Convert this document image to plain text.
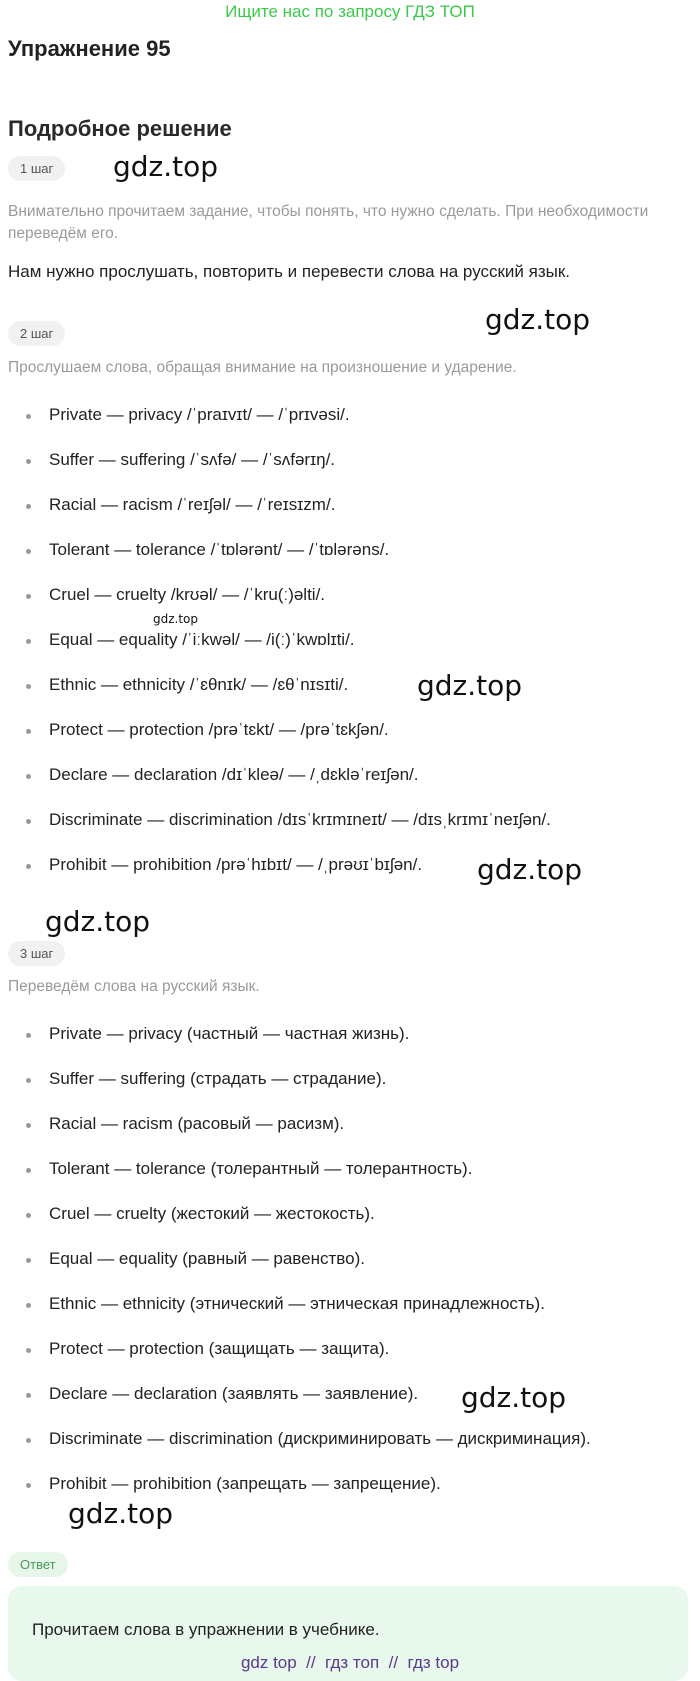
Ищите нас по запросу ГДЗ ТОП
Упражнение 95
Подробное решение
1 шаг	gdz.top
Внимательно прочитаем задание, чтобы понять, что нужно сделать. При необходимости переведём его.
Нам нужно прослушать, повторить и перевести слова на русский язык.
gdz.top
2 шаг
Прослушаем слова, обращая внимание на произношение и ударение.
Private — privacy /ˈpraɪvɪt/ — /ˈprɪvəsi/.
Suffer — suffering /ˈsʌfə/ — /ˈsʌfərɪŋ/.
Racial — racism /ˈreɪʃəl/ — /ˈreɪsɪzm/.
Tolerant — tolerance /ˈtɒlərənt/ — /ˈtɒlərəns/.
Cruel — cruelty /krʊəl/ — /ˈkru(ː)əlti/.
Equal — equality /ˈiːkwəl/ — /i(ː)ˈkwɒlɪti/.
Ethnic — ethnicity /ˈɛθnɪk/ — /ɛθˈnɪsɪti/.
Protect — protection /prəˈtɛkt/ — /prəˈtɛkʃən/.
Declare — declaration /dɪˈkleə/ — /ˌdɛkləˈreɪʃən/.
Discriminate — discrimination /dɪsˈkrɪmɪneɪt/ — /dɪsˌkrɪmɪˈneɪʃən/.
Prohibit — prohibition /prəˈhɪbɪt/ — /ˌprəʊɪˈbɪʃən/.
gdz.top
gdz.top
gdz.top
gdz.top
3 шаг
Переведём слова на русский язык.
Private — privacy (частный — частная жизнь).
Suffer — suffering (страдать — страдание).
Racial — racism (расовый — расизм).
Tolerant — tolerance (толерантный — толерантность).
Cruel — cruelty (жестокий — жестокость).
Equal — equality (равный — равенство).
Ethnic — ethnicity (этнический — этническая принадлежность).
Protect — protection (защищать — защита).
Declare — declaration (заявлять — заявление).
Discriminate — discrimination (дискриминировать — дискриминация).
Prohibit — prohibition (запрещать — запрещение).
gdz.top
gdz.top
Ответ
Прочитаем слова в упражнении в учебнике.
gdz top  //  гдз топ  //  гдз top
